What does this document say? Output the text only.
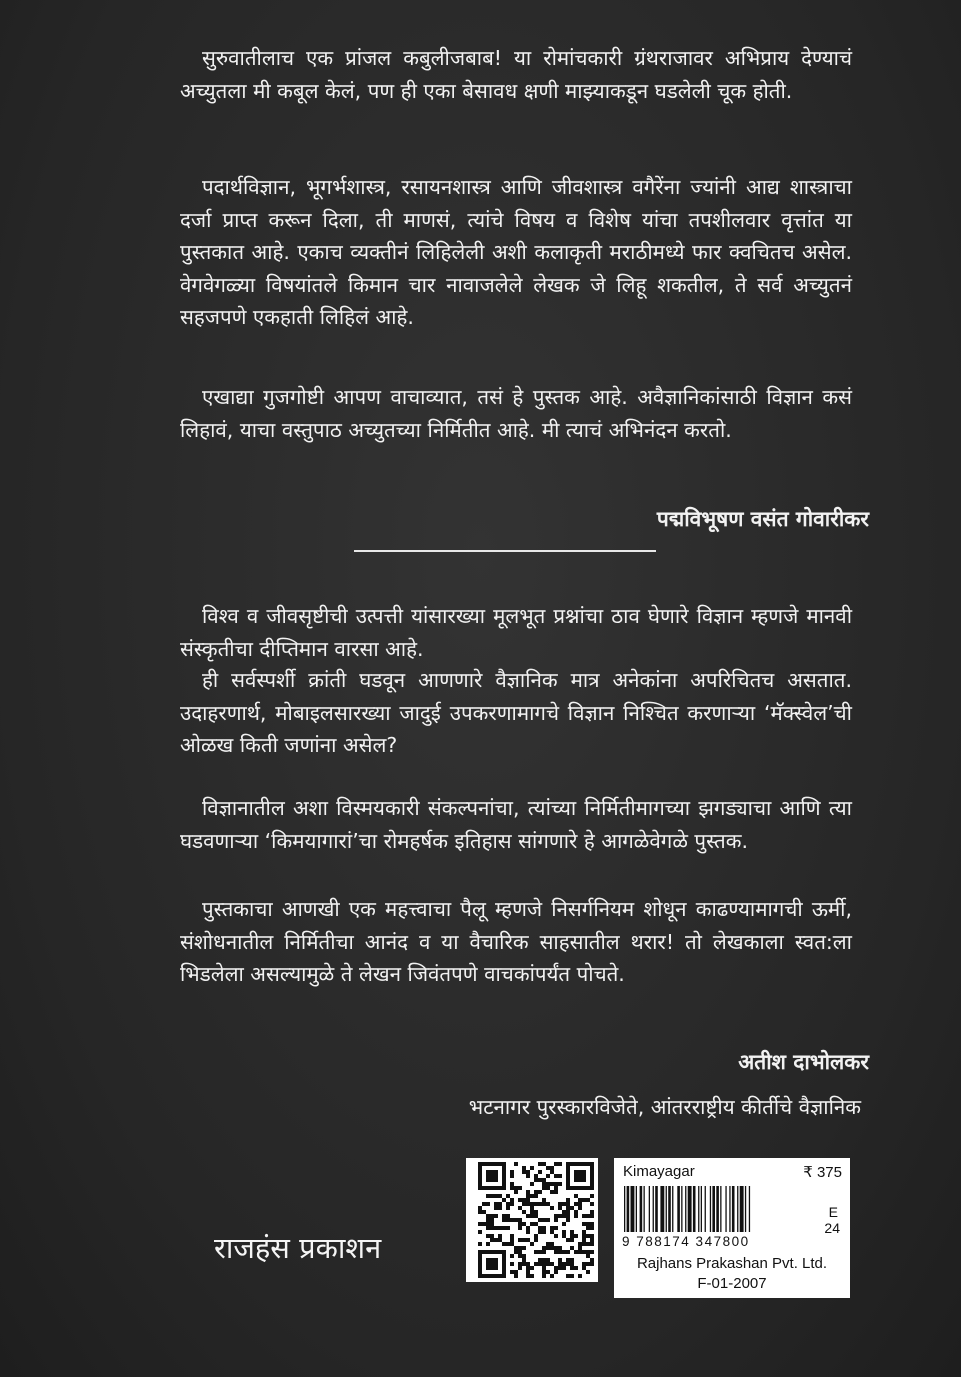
सुरुवातीलाच एक प्रांजल कबुलीजबाब! या रोमांचकारी ग्रंथराजावर अभिप्राय देण्याचं अच्युतला मी कबूल केलं, पण ही एका बेसावध क्षणी माझ्याकडून घडलेली चूक होती.

पदार्थविज्ञान, भूगर्भशास्त्र, रसायनशास्त्र आणि जीवशास्त्र वगैरेंना ज्यांनी आद्य शास्त्राचा दर्जा प्राप्त करून दिला, ती माणसं, त्यांचे विषय व विशेष यांचा तपशीलवार वृत्तांत या पुस्तकात आहे. एकाच व्यक्तीनं लिहिलेली अशी कलाकृती मराठीमध्ये फार क्वचितच असेल. वेगवेगळ्या विषयांतले किमान चार नावाजलेले लेखक जे लिहू शकतील, ते सर्व अच्युतनं सहजपणे एकहाती लिहिलं आहे.

एखाद्या गुजगोष्टी आपण वाचाव्यात, तसं हे पुस्तक आहे. अवैज्ञानिकांसाठी विज्ञान कसं लिहावं, याचा वस्तुपाठ अच्युतच्या निर्मितीत आहे. मी त्याचं अभिनंदन करतो.

पद्मविभूषण वसंत गोवारीकर

विश्‍व व जीवसृष्टीची उत्पत्ती यांसारख्या मूलभूत प्रश्नांचा ठाव घेणारे विज्ञान म्हणजे मानवी संस्कृतीचा दीप्तिमान वारसा आहे.

ही सर्वस्पर्शी क्रांती घडवून आणणारे वैज्ञानिक मात्र अनेकांना अपरिचितच असतात. उदाहरणार्थ, मोबाइलसारख्या जादुई उपकरणामागचे विज्ञान निश्‍चित करणाऱ्या ‘मॅक्स्वेल’ची ओळख किती जणांना असेल?

विज्ञानातील अशा विस्मयकारी संकल्पनांचा, त्यांच्या निर्मितीमागच्या झगड्याचा आणि त्या घडवणाऱ्या ‘किमयागारां’चा रोमहर्षक इतिहास सांगणारे हे आगळेवेगळे पुस्तक.

पुस्तकाचा आणखी एक महत्त्वाचा पैलू म्हणजे निसर्गनियम शोधून काढण्यामागची ऊर्मी, संशोधनातील निर्मितीचा आनंद व या वैचारिक साहसातील थरार! तो लेखकाला स्वत:ला भिडलेला असल्यामुळे ते लेखन जिवंतपणे वाचकांपर्यंत पोचते.

अतीश दाभोलकर
भटनागर पुरस्कारविजेते, आंतरराष्ट्रीय कीर्तीचे वैज्ञानिक
राजहंस प्रकाशन
Kimayagar	₹ 375
9 788174 347800
E
24
Rajhans Prakashan Pvt. Ltd.
F-01-2007
